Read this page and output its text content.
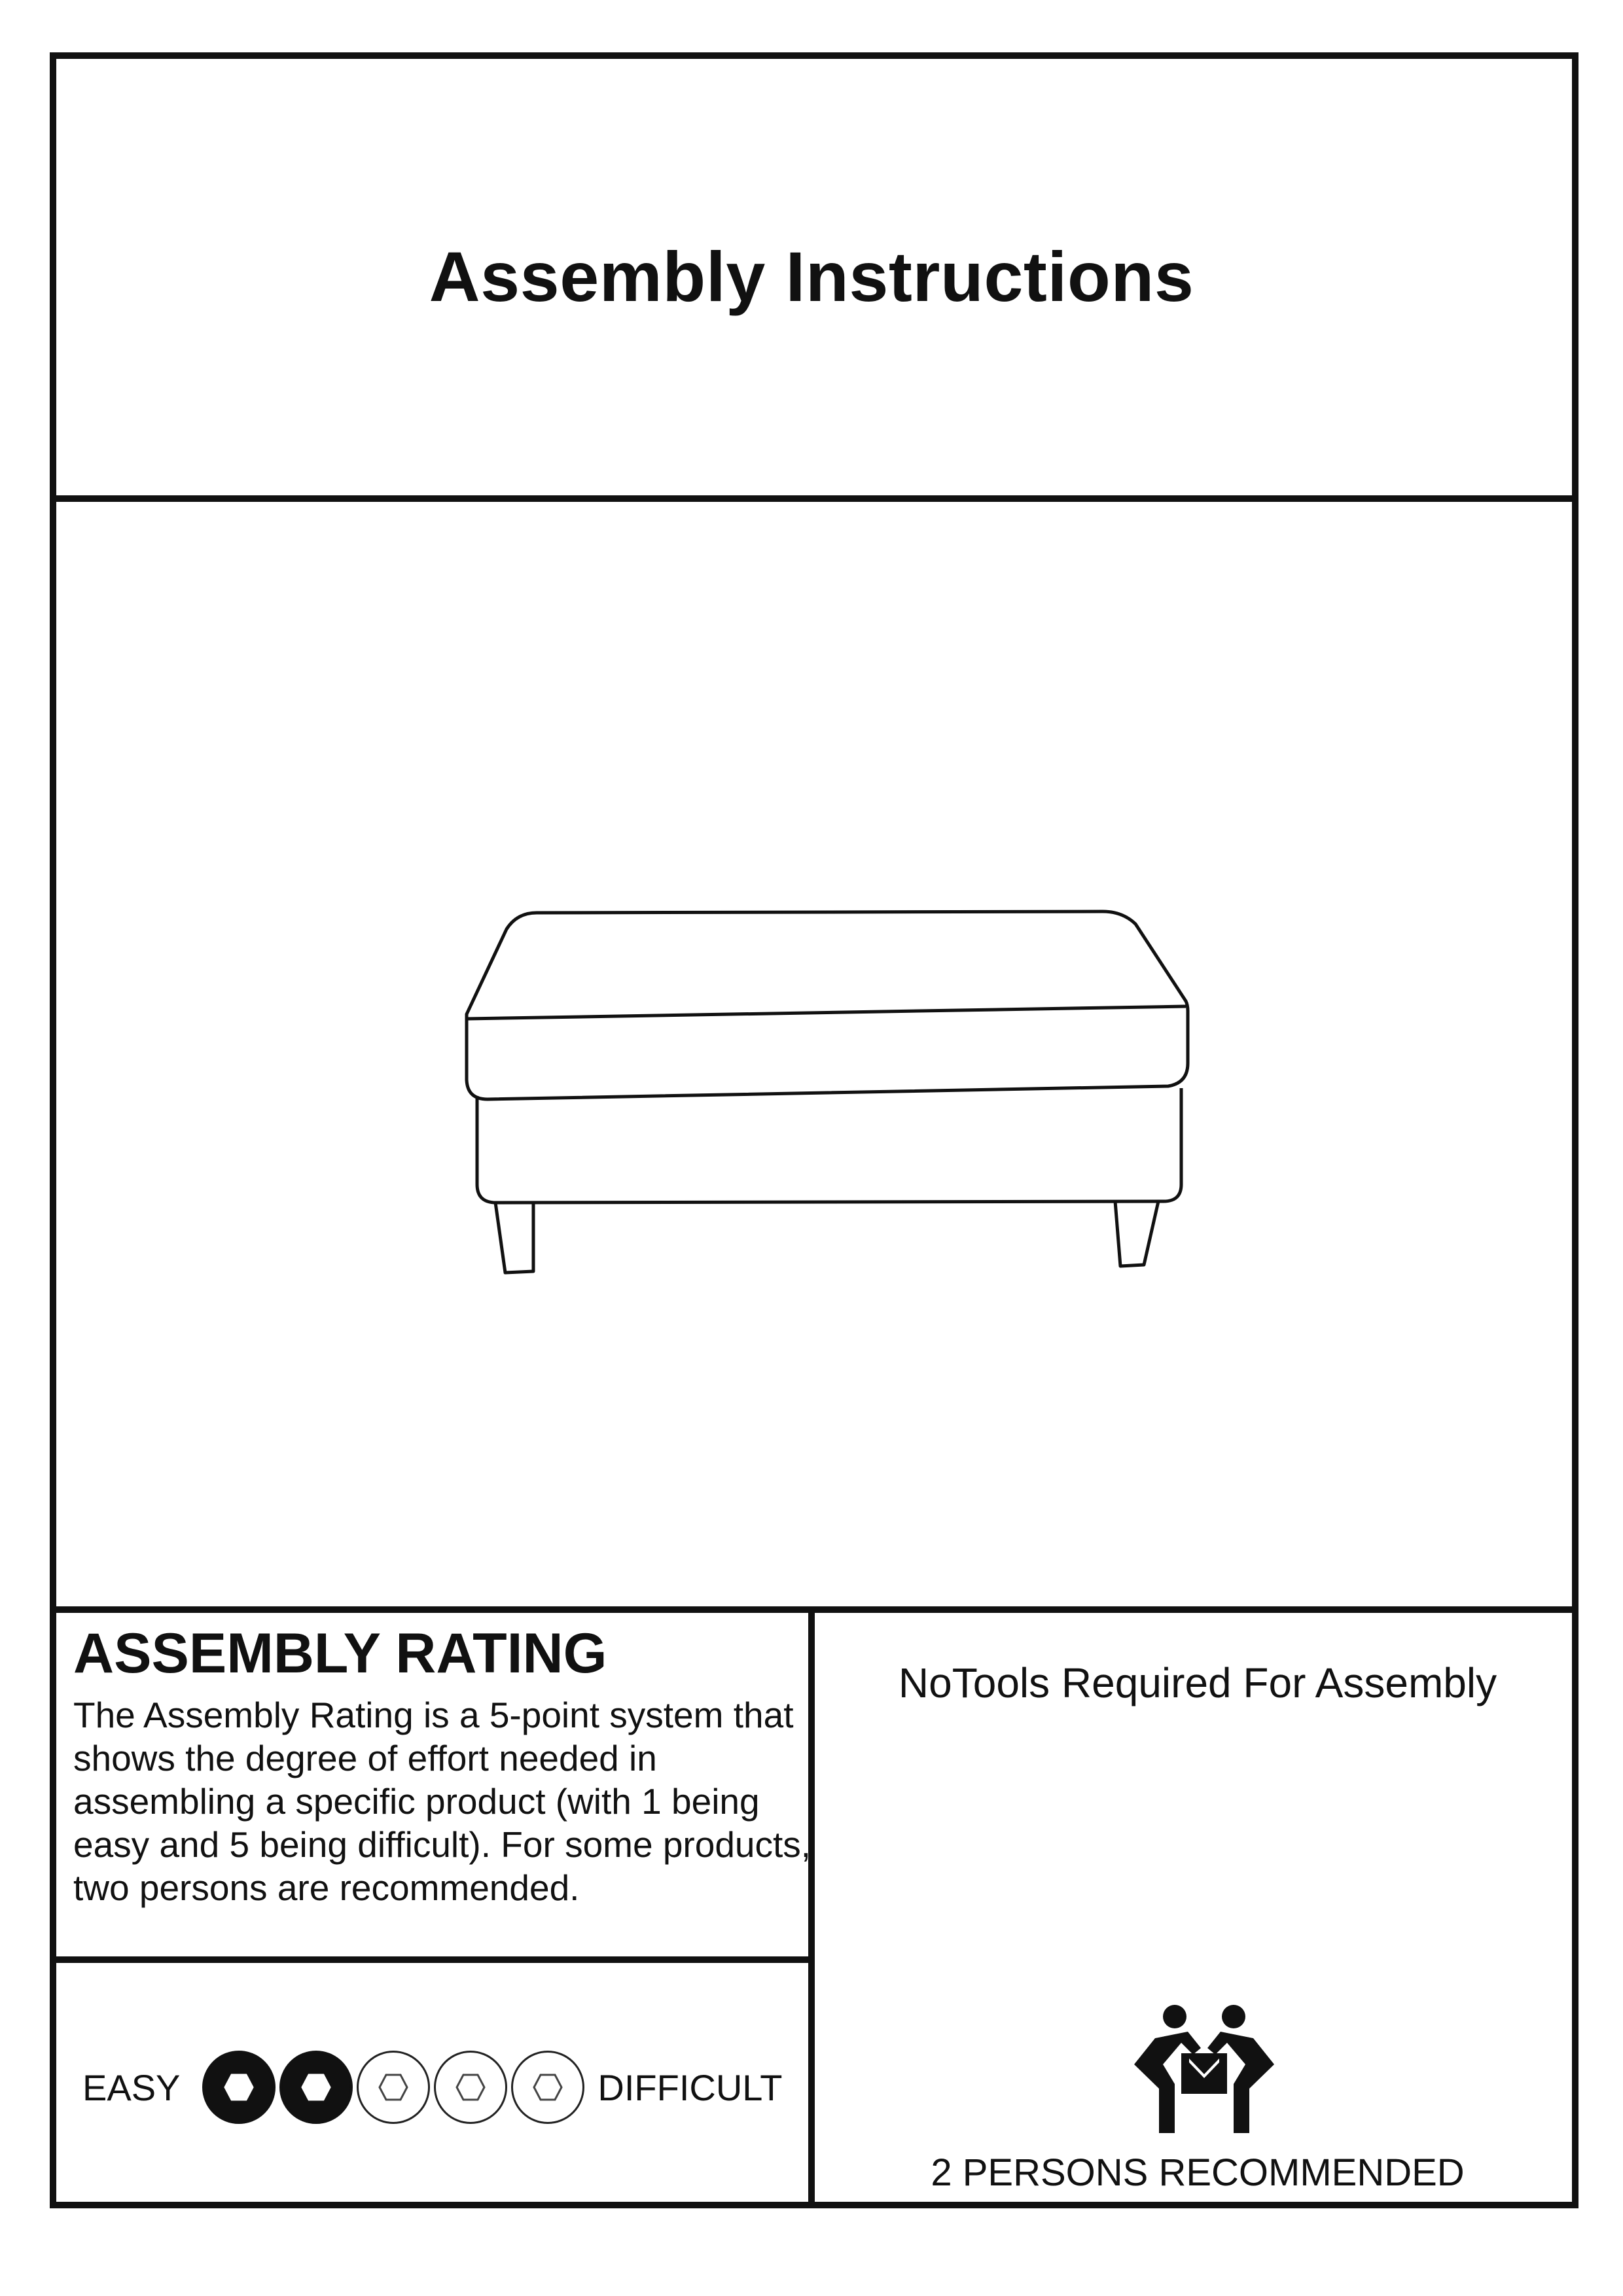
Assembly Instructions
ASSEMBLY RATING
The Assembly Rating is a 5-point system that shows the degree of effort needed in assembling a specific product (with 1 being easy and 5 being difficult). For some products, two persons are recommended.
EASY	DIFFICULT
NoTools Required For Assembly
2 PERSONS RECOMMENDED
